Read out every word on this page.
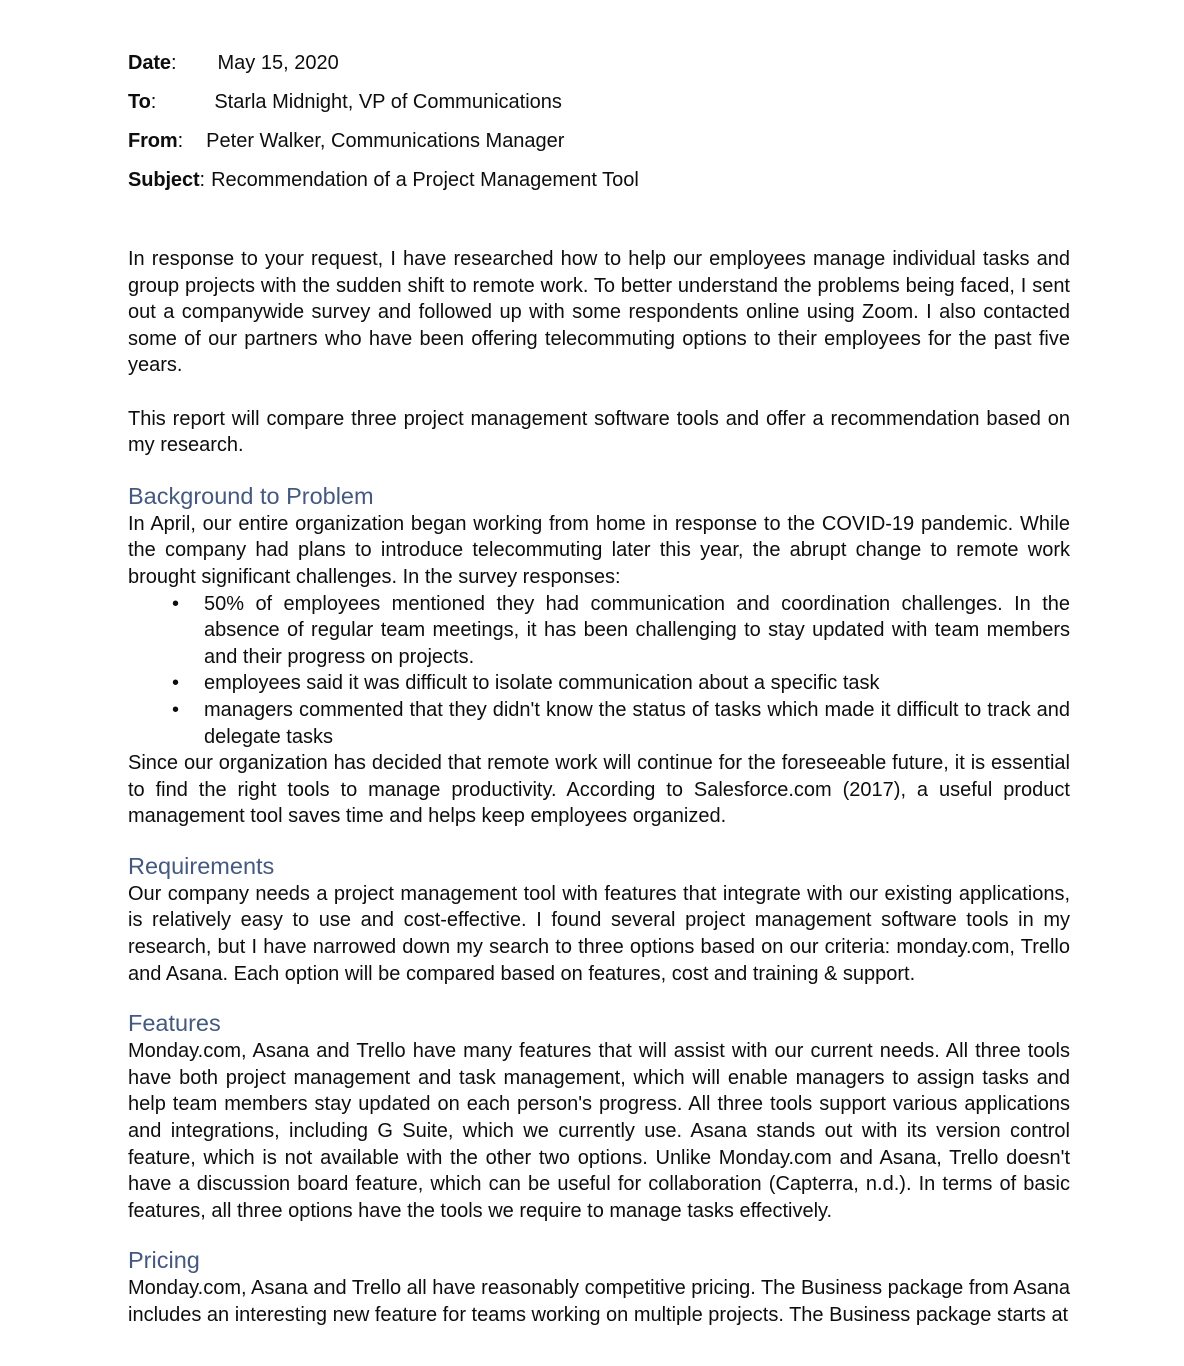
Date: May 15, 2020
To:	Starla Midnight, VP of Communications
From: Peter Walker, Communications Manager
Subject: Recommendation of a Project Management Tool

In response to your request, I have researched how to help our employees manage individual tasks and group projects with the sudden shift to remote work. To better understand the problems being faced, I sent out a companywide survey and followed up with some respondents online using Zoom. I also contacted some of our partners who have been offering telecommuting options to their employees for the past five years.

This report will compare three project management software tools and offer a recommendation based on my research.

Background to Problem

In April, our entire organization began working from home in response to the COVID-19 pandemic. While the company had plans to introduce telecommuting later this year, the abrupt change to remote work brought significant challenges. In the survey responses:

• 50% of employees mentioned they had communication and coordination challenges. In the absence of regular team meetings, it has been challenging to stay updated with team members and their progress on projects.
• employees said it was difficult to isolate communication about a specific task
• managers commented that they didn't know the status of tasks which made it difficult to track and delegate tasks

Since our organization has decided that remote work will continue for the foreseeable future, it is essential to find the right tools to manage productivity. According to Salesforce.com (2017), a useful product management tool saves time and helps keep employees organized.

Requirements

Our company needs a project management tool with features that integrate with our existing applications, is relatively easy to use and cost-effective. I found several project management software tools in my research, but I have narrowed down my search to three options based on our criteria: monday.com, Trello and Asana. Each option will be compared based on features, cost and training & support.

Features

Monday.com, Asana and Trello have many features that will assist with our current needs. All three tools have both project management and task management, which will enable managers to assign tasks and help team members stay updated on each person's progress. All three tools support various applications and integrations, including G Suite, which we currently use. Asana stands out with its version control feature, which is not available with the other two options. Unlike Monday.com and Asana, Trello doesn't have a discussion board feature, which can be useful for collaboration (Capterra, n.d.). In terms of basic features, all three options have the tools we require to manage tasks effectively.

Pricing

Monday.com, Asana and Trello all have reasonably competitive pricing. The Business package from Asana includes an interesting new feature for teams working on multiple projects. The Business package starts at
